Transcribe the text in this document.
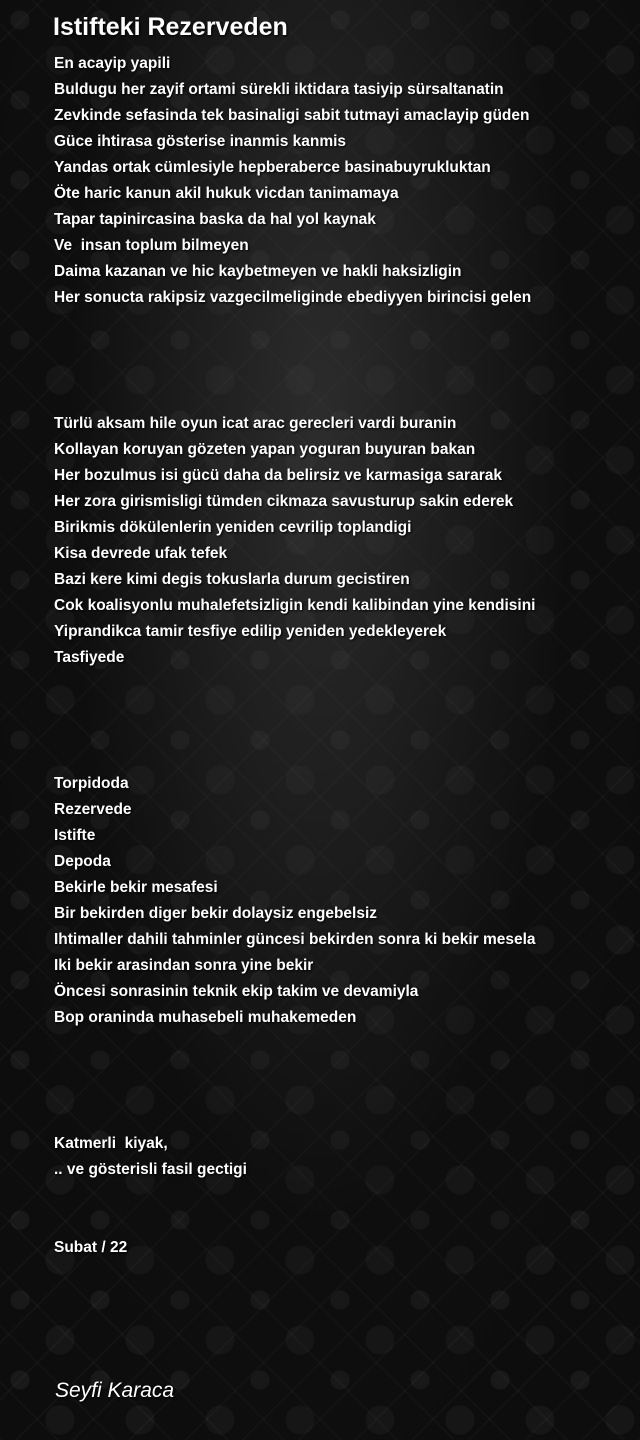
Istifteki Rezerveden
En acayip yapili
Buldugu her zayif ortami sürekli iktidara tasiyip sürsaltanatin
Zevkinde sefasinda tek basinaligi sabit tutmayi amaclayip güden
Güce ihtirasa gösterise inanmis kanmis
Yandas ortak cümlesiyle hepberaberce basinabuyrukluktan
Öte haric kanun akil hukuk vicdan tanimamaya
Tapar tapinircasina baska da hal yol kaynak
Ve  insan toplum bilmeyen
Daima kazanan ve hic kaybetmeyen ve hakli haksizligin
Her sonucta rakipsiz vazgecilmeliginde ebediyyen birincisi gelen
Türlü aksam hile oyun icat arac gerecleri vardi buranin
Kollayan koruyan gözeten yapan yoguran buyuran bakan
Her bozulmus isi gücü daha da belirsiz ve karmasiga sararak
Her zora girismisligi tümden cikmaza savusturup sakin ederek
Birikmis dökülenlerin yeniden cevrilip toplandigi
Kisa devrede ufak tefek
Bazi kere kimi degis tokuslarla durum gecistiren
Cok koalisyonlu muhalefetsizligin kendi kalibindan yine kendisini
Yiprandikca tamir tesfiye edilip yeniden yedekleyerek
Tasfiyede
Torpidoda
Rezervede
Istifte
Depoda
Bekirle bekir mesafesi
Bir bekirden diger bekir dolaysiz engebelsiz
Ihtimaller dahili tahminler güncesi bekirden sonra ki bekir mesela
Iki bekir arasindan sonra yine bekir
Öncesi sonrasinin teknik ekip takim ve devamiyla
Bop oraninda muhasebeli muhakemeden
Katmerli  kiyak,
.. ve gösterisli fasil gectigi
Subat / 22
Seyfi Karaca
